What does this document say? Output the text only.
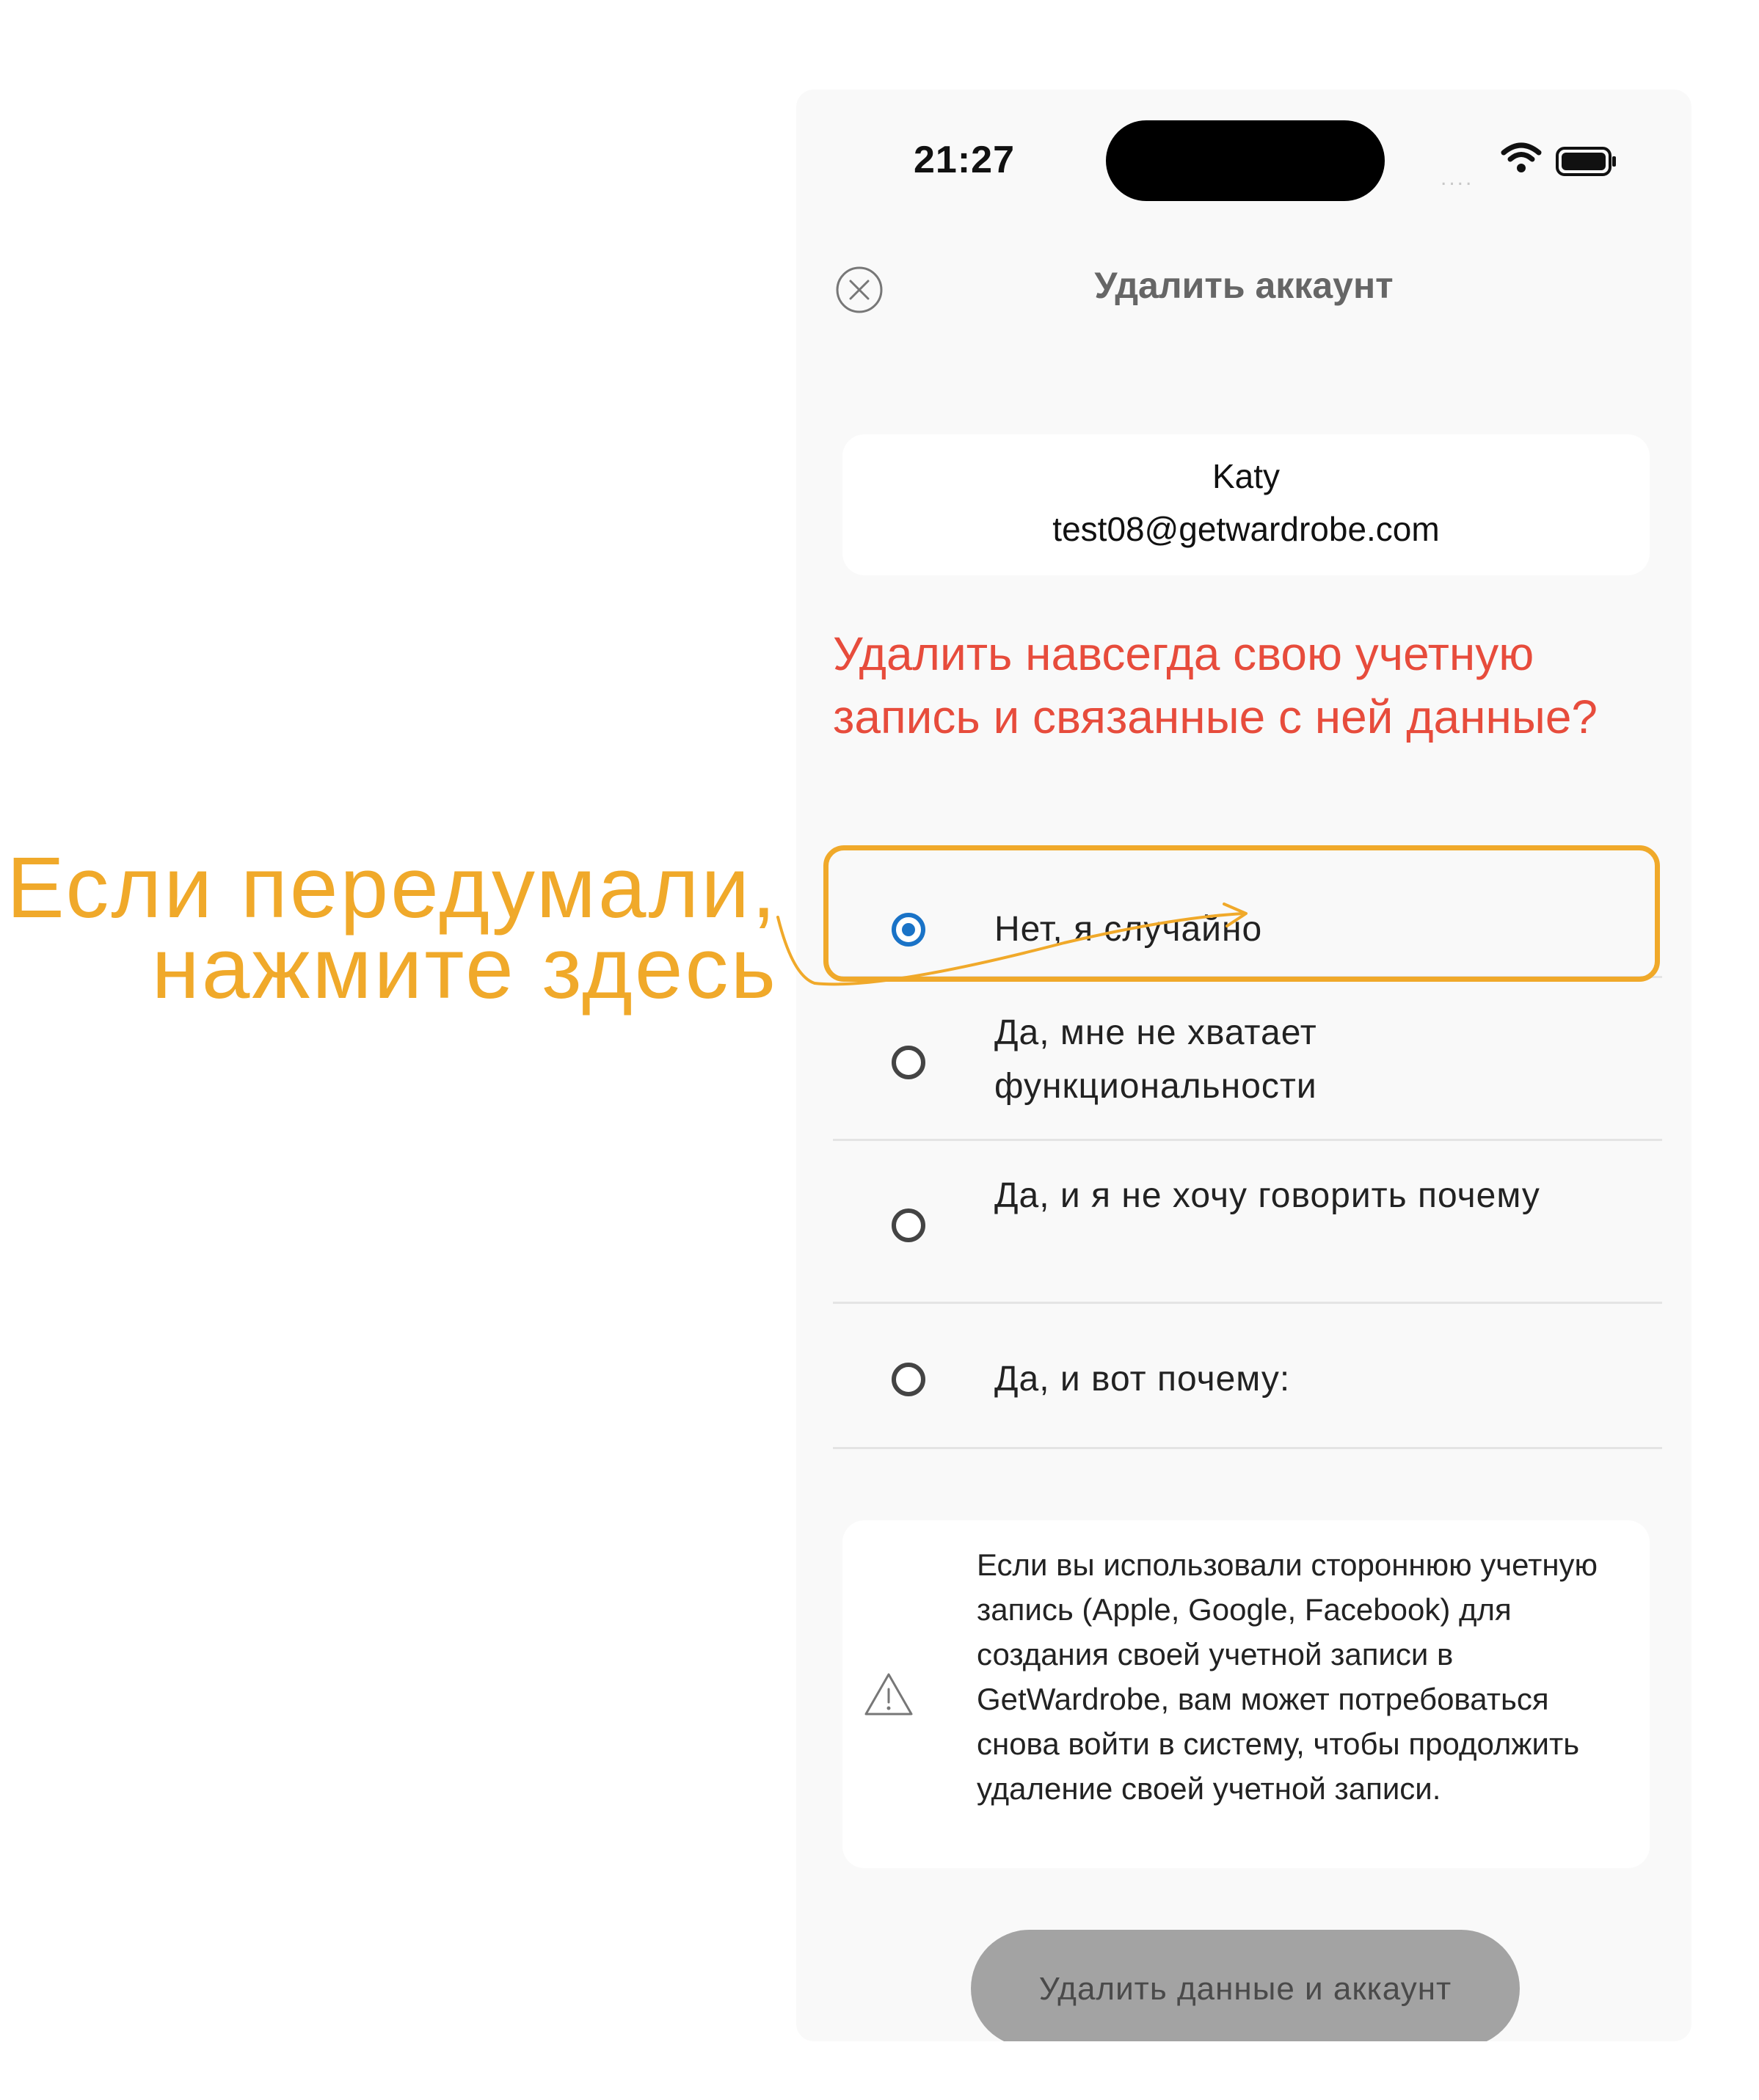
21:27	....
Удалить аккаунт
Katy
test08@getwardrobe.com
Удалить навсегда свою учетную запись и связанные с ней данные?
Нет, я случайно
Да, мне не хватает функциональности
Да, и я не хочу говорить почему
Да, и вот почему:
Если вы использовали стороннюю учетную запись (Apple, Google, Facebook) для создания своей учетной записи в GetWardrobe, вам может потребоваться снова войти в систему, чтобы продолжить удаление своей учетной записи.
Удалить данные и аккаунт
Если передумали,
нажмите здесь
